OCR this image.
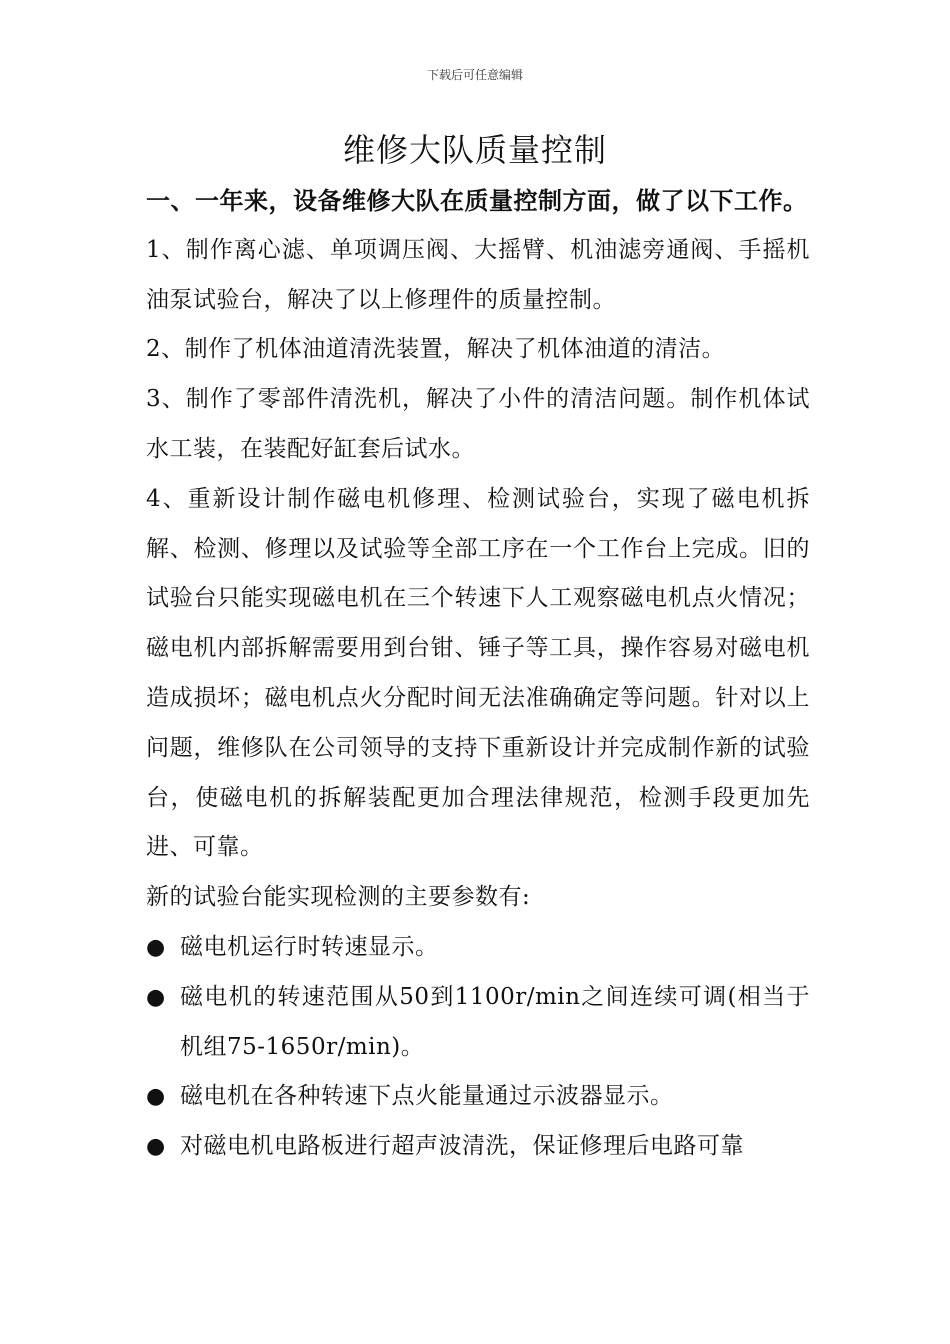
下载后可任意编辑
维修大队质量控制

一、一年来，设备维修大队在质量控制方面，做了以下工作。

1、制作离心滤、单项调压阀、大摇臂、机油滤旁通阀、手摇机油泵试验台，解决了以上修理件的质量控制。

2、制作了机体油道清洗装置，解决了机体油道的清洁。

3、制作了零部件清洗机，解决了小件的清洁问题。制作机体试水工装，在装配好缸套后试水。

4、重新设计制作磁电机修理、检测试验台，实现了磁电机拆解、检测、修理以及试验等全部工序在一个工作台上完成。旧的试验台只能实现磁电机在三个转速下人工观察磁电机点火情况；磁电机内部拆解需要用到台钳、锤子等工具，操作容易对磁电机造成损坏；磁电机点火分配时间无法准确确定等问题。针对以上问题，维修队在公司领导的支持下重新设计并完成制作新的试验台，使磁电机的拆解装配更加合理法律规范，检测手段更加先进、可靠。

新的试验台能实现检测的主要参数有:

● 磁电机运行时转速显示。
● 磁电机的转速范围从50到1100r/min之间连续可调(相当于机组75-1650r/min)。
● 磁电机在各种转速下点火能量通过示波器显示。
● 对磁电机电路板进行超声波清洗，保证修理后电路可靠
